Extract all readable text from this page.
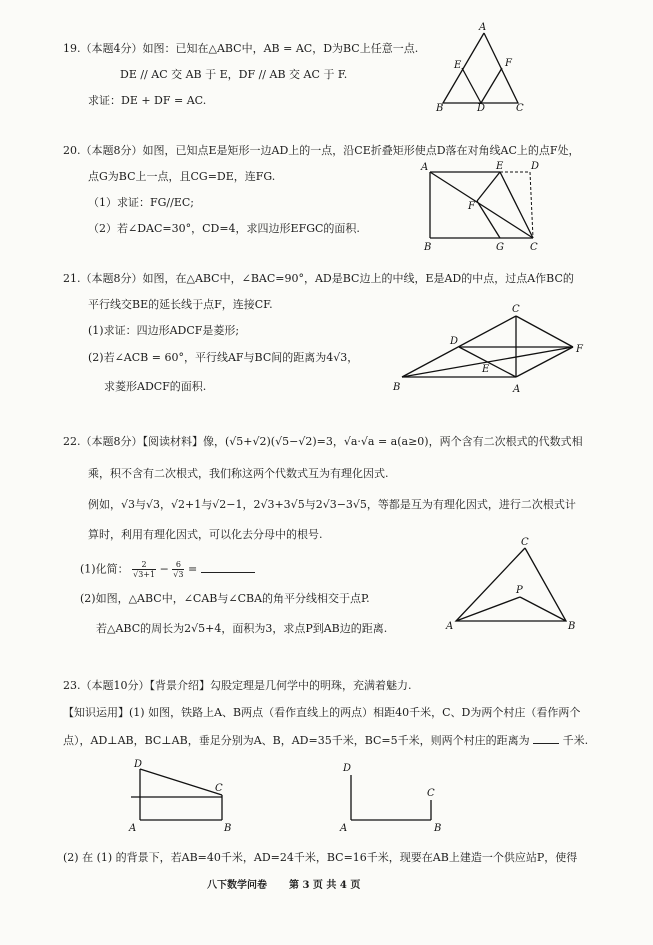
19.（本题4分）如图：已知在△ABC中，AB = AC，D为BC上任意一点.
DE // AC 交 AB 于 E，DF // AB 交 AC 于 F.
求证：DE + DF = AC.
A
E	F
B	D	C
20.（本题8分）如图，已知点E是矩形一边AD上的一点，沿CE折叠矩形使点D落在对角线AC上的点F处，
点G为BC上一点，且CG=DE，连FG.
（1）求证：FG//EC;
（2）若∠DAC=30°，CD=4，求四边形EFGC的面积.
A	E	D
F
B	G	C
21.（本题8分）如图，在△ABC中，∠BAC=90°，AD是BC边上的中线，E是AD的中点，过点A作BC的
平行线交BE的延长线于点F，连接CF.
(1)求证：四边形ADCF是菱形;
(2)若∠ACB = 60°，平行线AF与BC间的距离为4√3，
求菱形ADCF的面积.
C
D
F
E
B	A
22.（本题8分）【阅读材料】像，(√5+√2)(√5−√2)=3，√a·√a = a(a≥0)，两个含有二次根式的代数式相
乘，积不含有二次根式，我们称这两个代数式互为有理化因式.
例如，√3与√3，√2+1与√2−1，2√3+3√5与2√3−3√5，等都是互为有理化因式，进行二次根式计
算时，利用有理化因式，可以化去分母中的根号.
(1)化简： $\frac{2}{√3+1} - \frac{6}{√3}$ =
(2)如图，△ABC中，∠CAB与∠CBA的角平分线相交于点P.
若△ABC的周长为2√5+4，面积为3，求点P到AB边的距离.
C
P
A	B
23.（本题10分）【背景介绍】勾股定理是几何学中的明珠，充满着魅力.
【知识运用】(1) 如图，铁路上A、B两点（看作直线上的两点）相距40千米，C、D为两个村庄（看作两个
点），AD⊥AB，BC⊥AB，垂足分别为A、B，AD=35千米，BC=5千米，则两个村庄的距离为	千米.
(2) 在 (1) 的背景下，若AB=40千米，AD=24千米，BC=16千米，现要在AB上建造一个供应站P，使得
D
C
A	B
D
C
A	B
八下数学问卷 第 3 页 共 4 页
